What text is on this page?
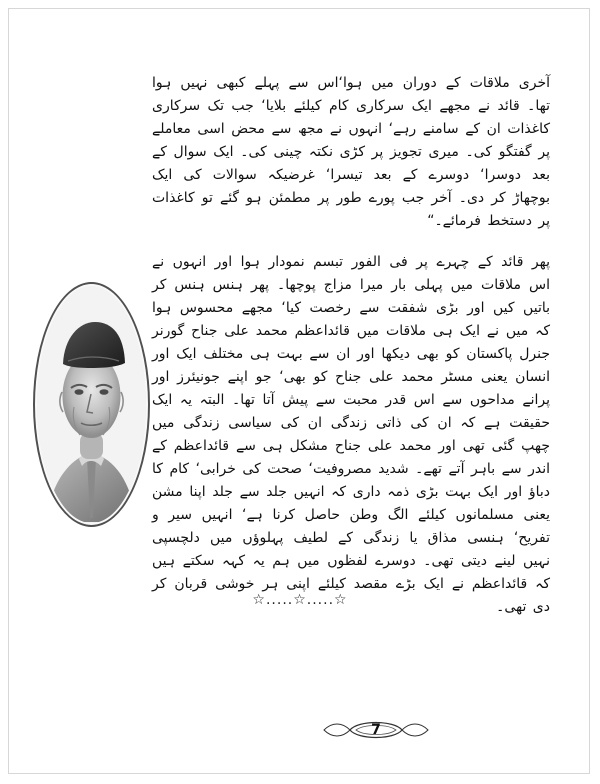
آخری ملاقات کے دوران میں ہوا‘اس سے پہلے کبھی نہیں ہوا تھا۔ قائد نے مجھے ایک سرکاری کام کیلئے بلایا‘ جب تک سرکاری کاغذات ان کے سامنے رہے‘ انہوں نے مجھ سے محض اسی معاملے پر گفتگو کی۔ میری تجویز پر کڑی نکتہ چینی کی۔ ایک سوال کے بعد دوسرا‘ دوسرے کے بعد تیسرا‘ غرضیکہ سوالات کی ایک بوچھاڑ کر دی۔ آخر جب پورے طور پر مطمئن ہو گئے تو کاغذات پر دستخط فرمائے۔“

پھر قائد کے چہرے پر فی الفور تبسم نمودار ہوا اور انہوں نے اس ملاقات میں پہلی بار میرا مزاج پوچھا۔ پھر ہنس ہنس کر باتیں کیں اور بڑی شفقت سے رخصت کیا‘ مجھے محسوس ہوا کہ میں نے ایک ہی ملاقات میں قائداعظم محمد علی جناح گورنر جنرل پاکستان کو بھی دیکھا اور ان سے بہت ہی مختلف ایک اور انسان یعنی مسٹر محمد علی جناح کو بھی‘ جو اپنے جونیئرز اور پرانے مداحوں سے اس قدر محبت سے پیش آتا تھا۔ البتہ یہ ایک حقیقت ہے کہ ان کی ذاتی زندگی ان کی سیاسی زندگی میں چھپ گئی تھی اور محمد علی جناح مشکل ہی سے قائداعظم کے اندر سے باہر آتے تھے۔ شدید مصروفیت‘ صحت کی خرابی‘ کام کا دباؤ اور ایک بہت بڑی ذمہ داری کہ انہیں جلد سے جلد اپنا مشن یعنی مسلمانوں کیلئے الگ وطن حاصل کرنا ہے‘ انہیں سیر و تفریح‘ ہنسی مذاق یا زندگی کے لطیف پہلوؤں میں دلچسپی نہیں لینے دیتی تھی۔ دوسرے لفظوں میں ہم یہ کہہ سکتے ہیں کہ قائداعظم نے ایک بڑے مقصد کیلئے اپنی ہر خوشی قربان کر دی تھی۔

☆.....☆.....☆
7
